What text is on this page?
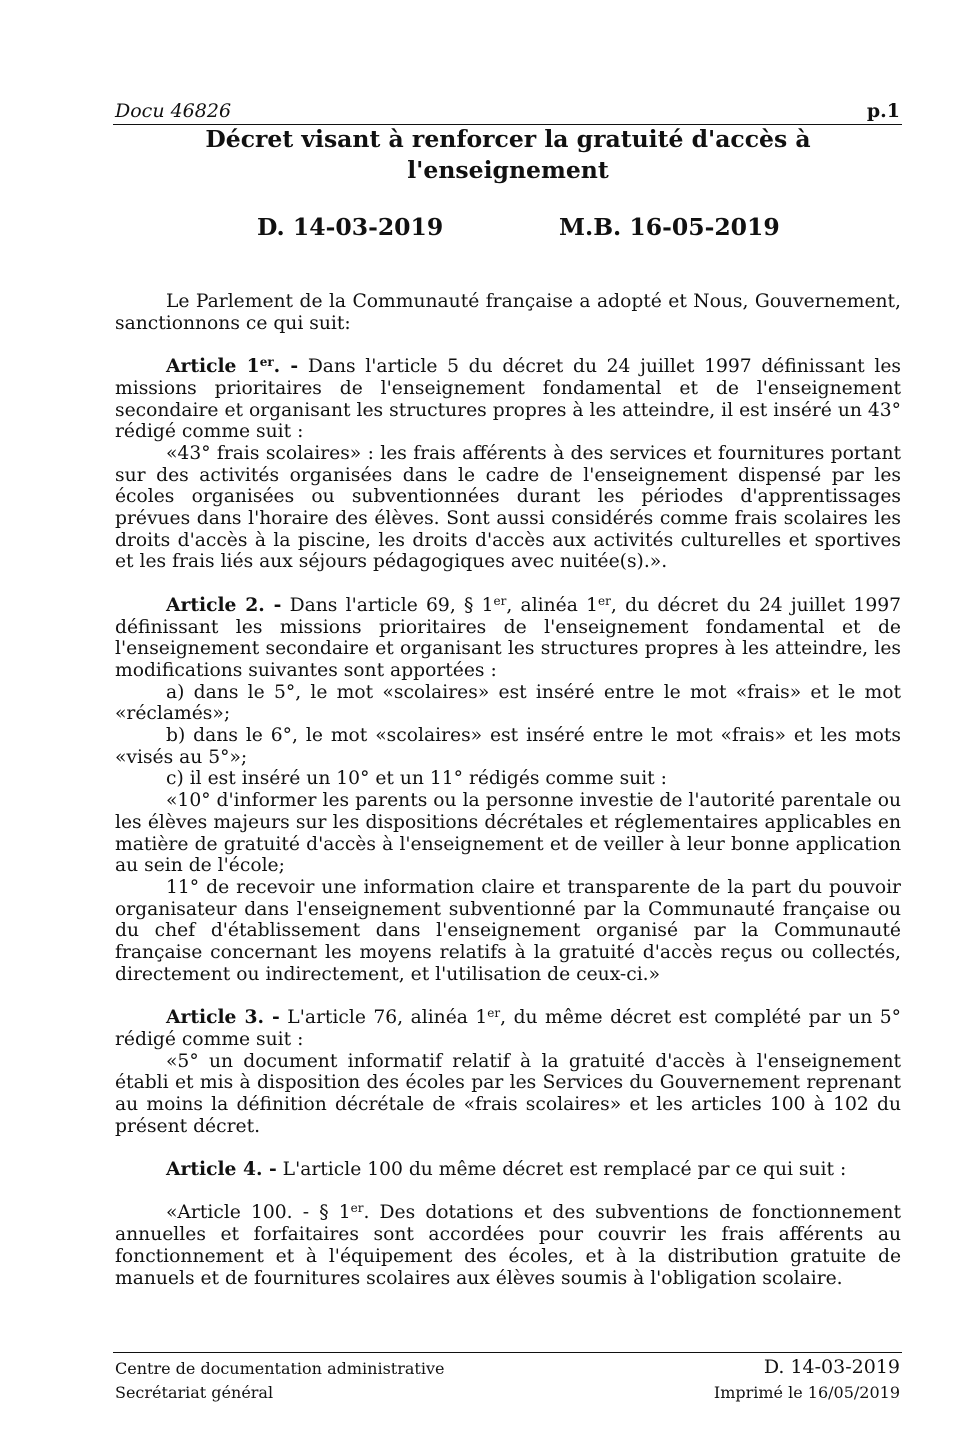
Docu 46826	p.1
Décret visant à renforcer la gratuité d'accès à
l'enseignement
D. 14-03-2019	M.B. 16-05-2019

Le Parlement de la Communauté française a adopté et Nous, Gouvernement, sanctionnons ce qui suit:

Article 1er. - Dans l'article 5 du décret du 24 juillet 1997 définissant les missions prioritaires de l'enseignement fondamental et de l'enseignement secondaire et organisant les structures propres à les atteindre, il est inséré un 43° rédigé comme suit :

«43° frais scolaires» : les frais afférents à des services et fournitures portant sur des activités organisées dans le cadre de l'enseignement dispensé par les écoles organisées ou subventionnées durant les périodes d'apprentissages prévues dans l'horaire des élèves. Sont aussi considérés comme frais scolaires les droits d'accès à la piscine, les droits d'accès aux activités culturelles et sportives et les frais liés aux séjours pédagogiques avec nuitée(s).».

Article 2. - Dans l'article 69, § 1er, alinéa 1er, du décret du 24 juillet 1997 définissant les missions prioritaires de l'enseignement fondamental et de l'enseignement secondaire et organisant les structures propres à les atteindre, les modifications suivantes sont apportées :

a) dans le 5°, le mot «scolaires» est inséré entre le mot «frais» et le mot «réclamés»;

b) dans le 6°, le mot «scolaires» est inséré entre le mot «frais» et les mots «visés au 5°»;

c) il est inséré un 10° et un 11° rédigés comme suit :

«10° d'informer les parents ou la personne investie de l'autorité parentale ou les élèves majeurs sur les dispositions décrétales et réglementaires applicables en matière de gratuité d'accès à l'enseignement et de veiller à leur bonne application au sein de l'école;

11° de recevoir une information claire et transparente de la part du pouvoir organisateur dans l'enseignement subventionné par la Communauté française ou du chef d'établissement dans l'enseignement organisé par la Communauté française concernant les moyens relatifs à la gratuité d'accès reçus ou collectés, directement ou indirectement, et l'utilisation de ceux-ci.»

Article 3. - L'article 76, alinéa 1er, du même décret est complété par un 5° rédigé comme suit :

«5° un document informatif relatif à la gratuité d'accès à l'enseignement établi et mis à disposition des écoles par les Services du Gouvernement reprenant au moins la définition décrétale de «frais scolaires» et les articles 100 à 102 du présent décret.

Article 4. - L'article 100 du même décret est remplacé par ce qui suit :

«Article 100. - § 1er. Des dotations et des subventions de fonctionnement annuelles et forfaitaires sont accordées pour couvrir les frais afférents au fonctionnement et à l'équipement des écoles, et à la distribution gratuite de manuels et de fournitures scolaires aux élèves soumis à l'obligation scolaire.

Centre de documentation administrative
Secrétariat général
D. 14-03-2019
Imprimé le 16/05/2019
